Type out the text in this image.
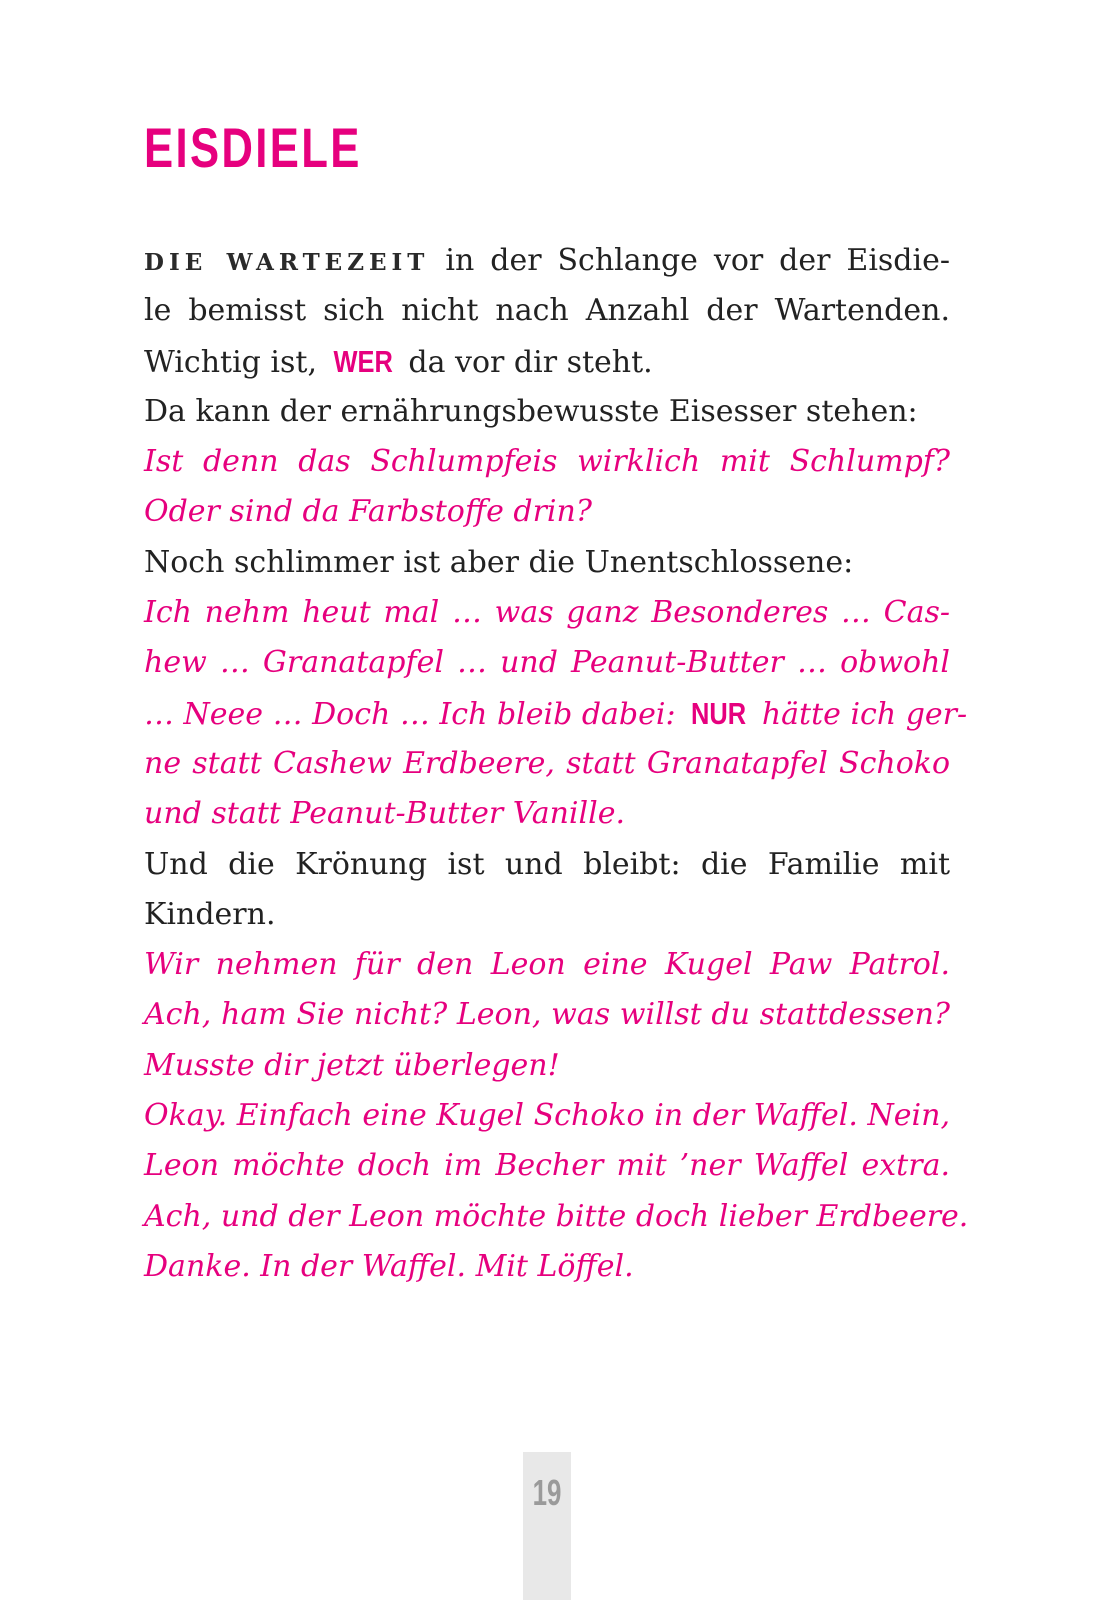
EISDIELE
DIE WARTEZEIT in der Schlange vor der Eisdie-
le bemisst sich nicht nach Anzahl der Wartenden.
Wichtig ist, WER da vor dir steht.
Da kann der ernährungsbewusste Eisesser stehen:
Ist denn das Schlumpfeis wirklich mit Schlumpf?
Oder sind da Farbstoffe drin?
Noch schlimmer ist aber die Unentschlossene:
Ich nehm heut mal … was ganz Besonderes … Cas-
hew … Granatapfel … und Peanut-Butter … obwohl
… Neee … Doch … Ich bleib dabei: NUR hätte ich ger-
ne statt Cashew Erdbeere, statt Granatapfel Schoko
und statt Peanut-Butter Vanille.
Und die Krönung ist und bleibt: die Familie mit
Kindern.
Wir nehmen für den Leon eine Kugel Paw Patrol.
Ach, ham Sie nicht? Leon, was willst du stattdessen?
Musste dir jetzt überlegen!
Okay. Einfach eine Kugel Schoko in der Waffel. Nein,
Leon möchte doch im Becher mit ’ner Waffel extra.
Ach, und der Leon möchte bitte doch lieber Erdbeere.
Danke. In der Waffel. Mit Löffel.
19
